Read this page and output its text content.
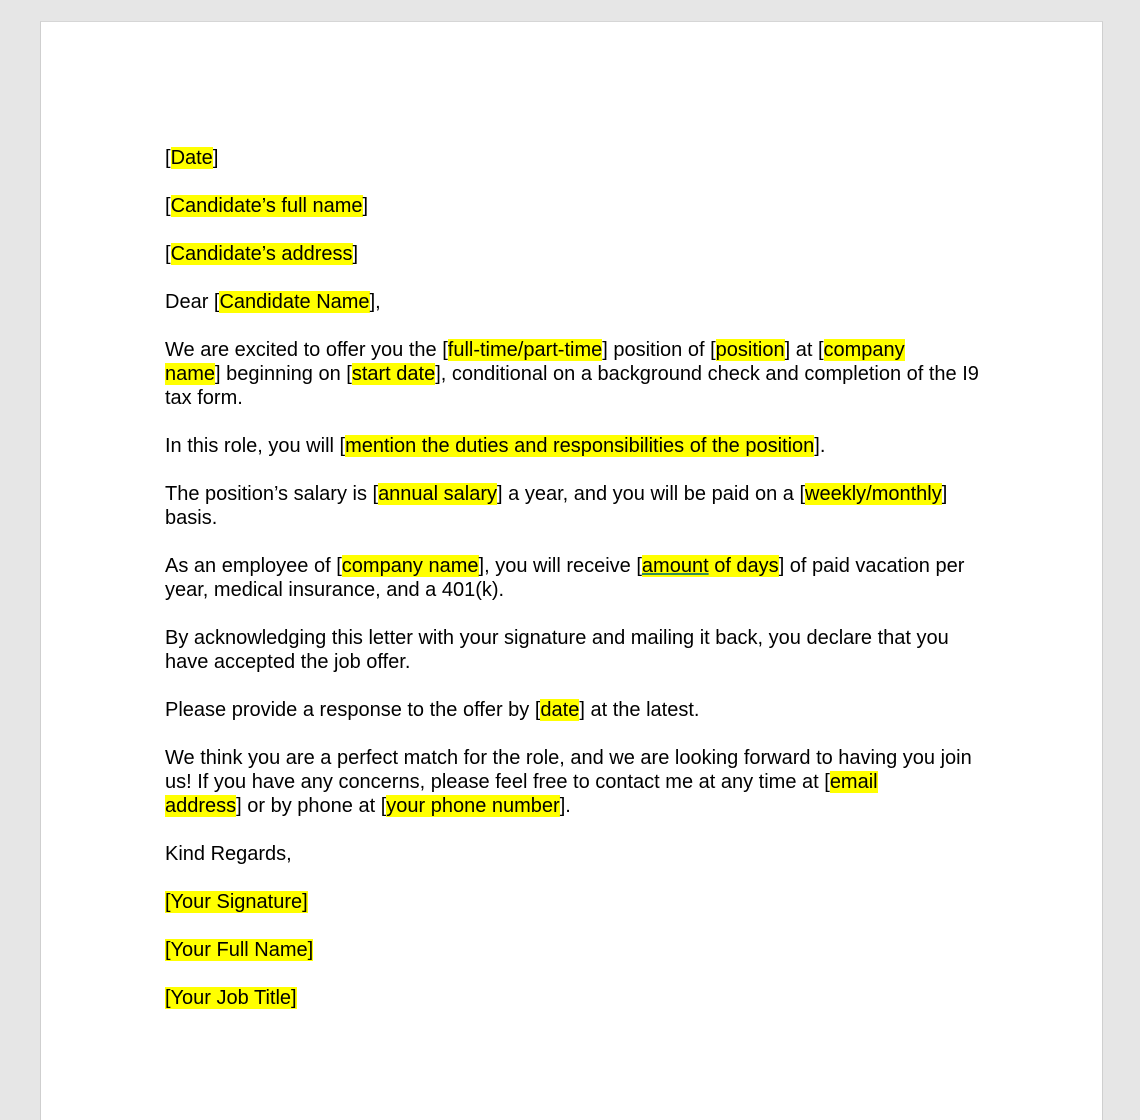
[Date]

[Candidate’s full name]

[Candidate’s address]

Dear [Candidate Name],

We are excited to offer you the [full-time/part-time] position of [position] at [company
name] beginning on [start date], conditional on a background check and completion of the I9 tax form.

In this role, you will [mention the duties and responsibilities of the position].

The position’s salary is [annual salary] a year, and you will be paid on a [weekly/monthly] basis.

As an employee of [company name], you will receive [amount of days] of paid vacation per year, medical insurance, and a 401(k).

By acknowledging this letter with your signature and mailing it back, you declare that you have accepted the job offer.

Please provide a response to the offer by [date] at the latest.

We think you are a perfect match for the role, and we are looking forward to having you join us! If you have any concerns, please feel free to contact me at any time at [email
address] or by phone at [your phone number].

Kind Regards,

[Your Signature]

[Your Full Name]

[Your Job Title]
